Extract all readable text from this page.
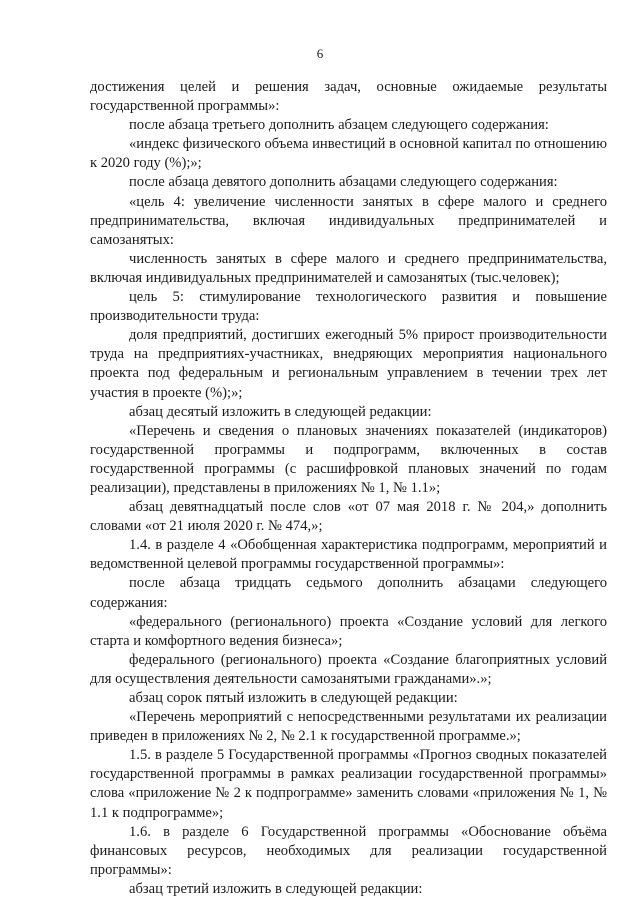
6

достижения целей и решения задач, основные ожидаемые результаты государственной программы»:

после абзаца третьего дополнить абзацем следующего содержания:

«индекс физического объема инвестиций в основной капитал по отношению к 2020 году (%);»;

после абзаца девятого дополнить абзацами следующего содержания:

«цель 4: увеличение численности занятых в сфере малого и среднего предпринимательства, включая индивидуальных предпринимателей и самозанятых:

численность занятых в сфере малого и среднего предпринимательства, включая индивидуальных предпринимателей и самозанятых (тыс.человек);

цель 5: стимулирование технологического развития и повышение производительности труда:

доля предприятий, достигших ежегодный 5% прирост производительности труда на предприятиях-участниках, внедряющих мероприятия национального проекта под федеральным и региональным управлением в течении трех лет участия в проекте (%);»;

абзац десятый изложить в следующей редакции:

«Перечень и сведения о плановых значениях показателей (индикаторов) государственной программы и подпрограмм, включенных в состав государственной программы (с расшифровкой плановых значений по годам реализации), представлены в приложениях № 1, № 1.1»;

абзац девятнадцатый после слов «от 07 мая 2018 г. № 204,» дополнить словами «от 21 июля 2020 г. № 474,»;

1.4. в разделе 4 «Обобщенная характеристика подпрограмм, мероприятий и ведомственной целевой программы государственной программы»:

после абзаца тридцать седьмого дополнить абзацами следующего содержания:

«федерального (регионального) проекта «Создание условий для легкого старта и комфортного ведения бизнеса»;

федерального (регионального) проекта «Создание благоприятных условий для осуществления деятельности самозанятыми гражданами».»;

абзац сорок пятый изложить в следующей редакции:

«Перечень мероприятий с непосредственными результатами их реализации приведен в приложениях № 2, № 2.1 к государственной программе.»;

1.5. в разделе 5 Государственной программы «Прогноз сводных показателей государственной программы в рамках реализации государственной программы» слова «приложение № 2 к подпрограмме» заменить словами «приложения № 1, № 1.1 к подпрограмме»;

1.6. в разделе 6 Государственной программы «Обоснование объёма финансовых ресурсов, необходимых для реализации государственной программы»:

абзац третий изложить в следующей редакции:
